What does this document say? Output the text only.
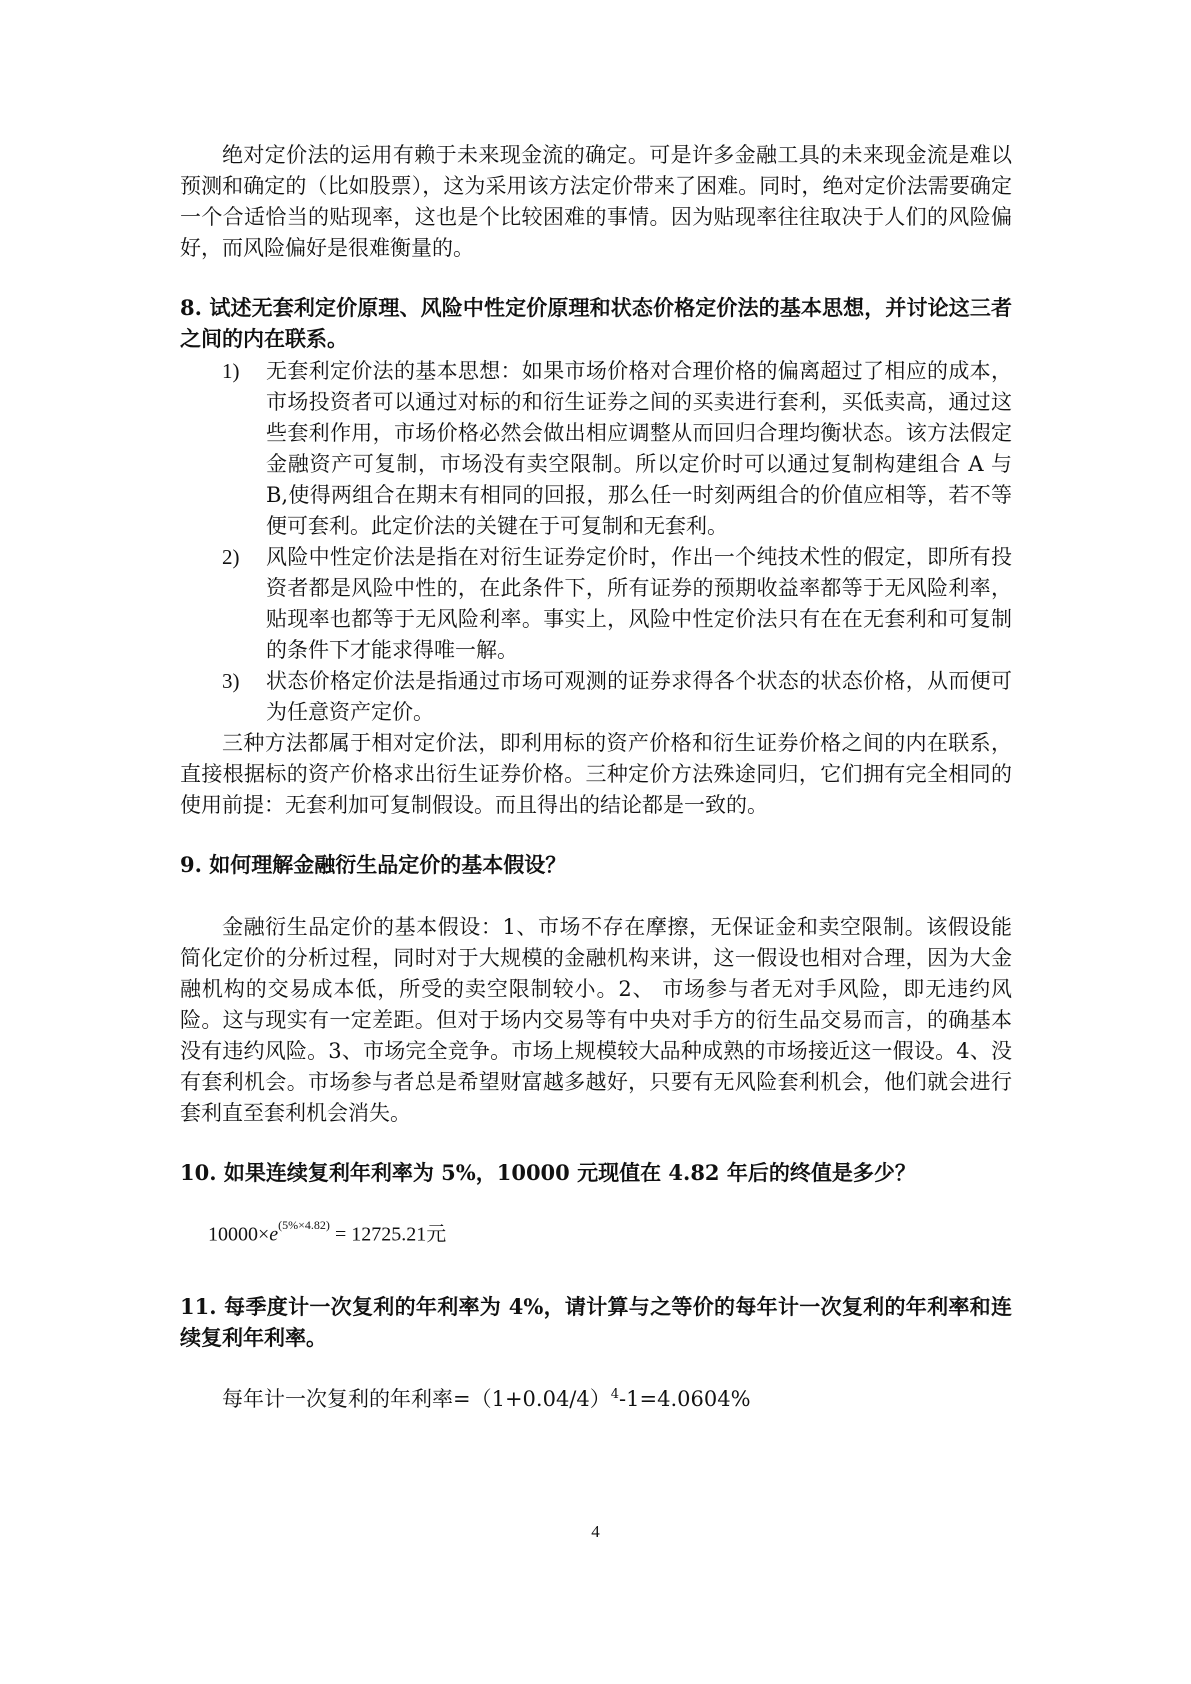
绝对定价法的运用有赖于未来现金流的确定。可是许多金融工具的未来现金流是难以预测和确定的（比如股票），这为采用该方法定价带来了困难。同时，绝对定价法需要确定一个合适恰当的贴现率，这也是个比较困难的事情。因为贴现率往往取决于人们的风险偏好，而风险偏好是很难衡量的。

8. 试述无套利定价原理、风险中性定价原理和状态价格定价法的基本思想，并讨论这三者之间的内在联系。

1) 无套利定价法的基本思想：如果市场价格对合理价格的偏离超过了相应的成本，市场投资者可以通过对标的和衍生证券之间的买卖进行套利，买低卖高，通过这些套利作用，市场价格必然会做出相应调整从而回归合理均衡状态。该方法假定金融资产可复制，市场没有卖空限制。所以定价时可以通过复制构建组合 A 与 B,使得两组合在期末有相同的回报，那么任一时刻两组合的价值应相等，若不等便可套利。此定价法的关键在于可复制和无套利。
2) 风险中性定价法是指在对衍生证券定价时，作出一个纯技术性的假定，即所有投资者都是风险中性的，在此条件下，所有证券的预期收益率都等于无风险利率，贴现率也都等于无风险利率。事实上，风险中性定价法只有在在无套利和可复制的条件下才能求得唯一解。
3) 状态价格定价法是指通过市场可观测的证券求得各个状态的状态价格，从而便可为任意资产定价。

三种方法都属于相对定价法，即利用标的资产价格和衍生证券价格之间的内在联系，直接根据标的资产价格求出衍生证券价格。三种定价方法殊途同归，它们拥有完全相同的使用前提：无套利加可复制假设。而且得出的结论都是一致的。

9. 如何理解金融衍生品定价的基本假设？

金融衍生品定价的基本假设：1、市场不存在摩擦，无保证金和卖空限制。该假设能简化定价的分析过程，同时对于大规模的金融机构来讲，这一假设也相对合理，因为大金融机构的交易成本低，所受的卖空限制较小。2、 市场参与者无对手风险，即无违约风险。这与现实有一定差距。但对于场内交易等有中央对手方的衍生品交易而言，的确基本没有违约风险。3、市场完全竞争。市场上规模较大品种成熟的市场接近这一假设。4、没有套利机会。市场参与者总是希望财富越多越好，只要有无风险套利机会，他们就会进行套利直至套利机会消失。

10. 如果连续复利年利率为 5%，10000 元现值在 4.82 年后的终值是多少？

$10000\times e^{(5\%\times 4.82)} = 12725.21$元

11. 每季度计一次复利的年利率为 4%，请计算与之等价的每年计一次复利的年利率和连续复利年利率。

每年计一次复利的年利率$=(1+0.04/4)^4-1=4.0604\%$

4
